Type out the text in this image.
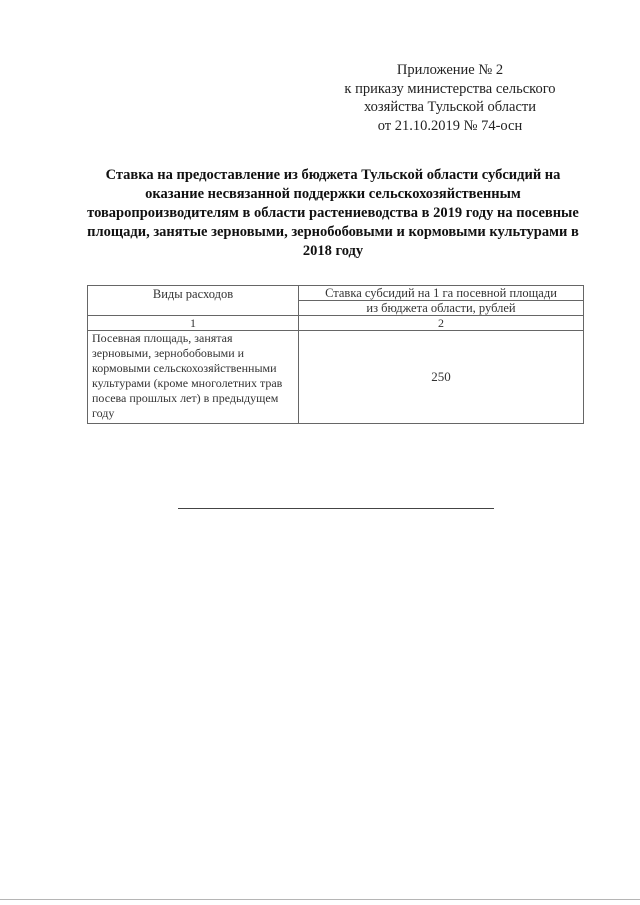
Приложение № 2
к приказу министерства сельского
хозяйства Тульской области
от 21.10.2019 № 74-осн
Ставка на предоставление из бюджета Тульской области субсидий на оказание несвязанной поддержки сельскохозяйственным товаропроизводителям в области растениеводства в 2019 году на посевные площади, занятые зерновыми, зернобобовыми и кормовыми культурами в 2018 году
Виды расходов	Ставка субсидий на 1 га посевной площади
	из бюджета области, рублей
1	2
Посевная площадь, занятая зерновыми, зернобобовыми и кормовыми сельскохозяйственными культурами (кроме многолетних трав посева прошлых лет) в предыдущем году	250
